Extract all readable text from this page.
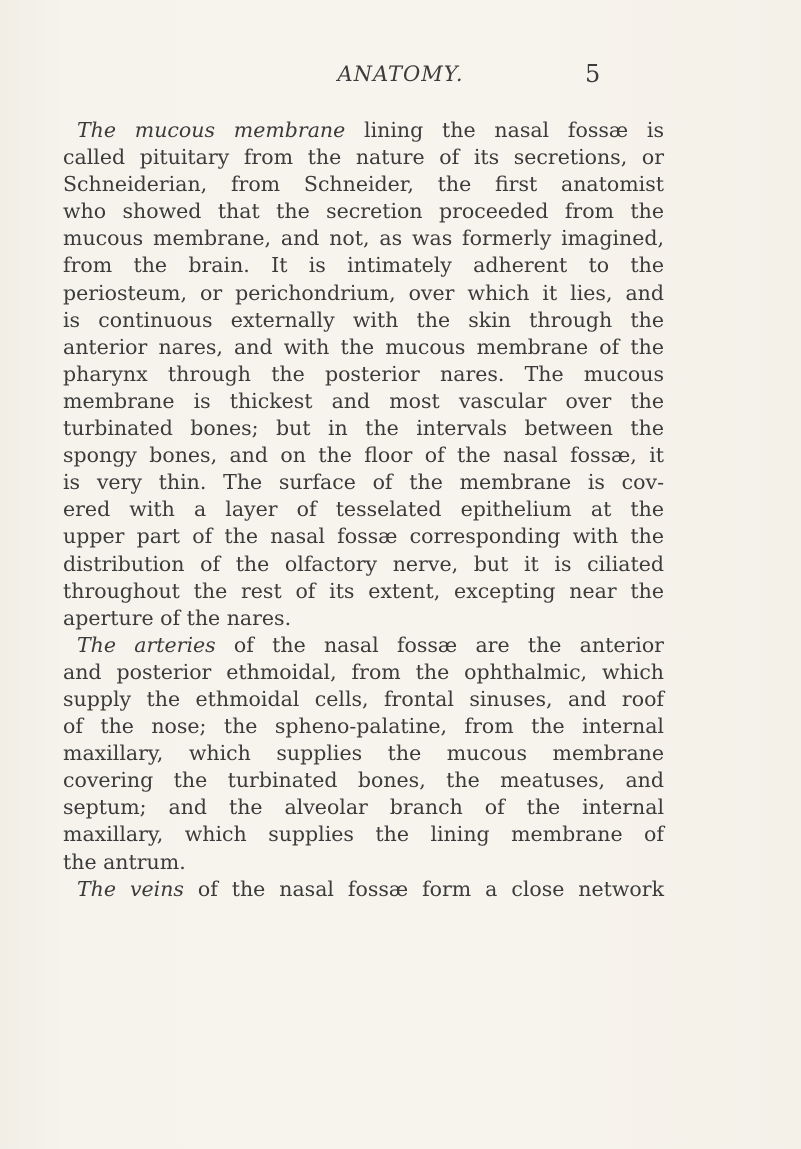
ANATOMY.	5
The mucous membrane lining the nasal fossæ is
called pituitary from the nature of its secretions, or
Schneiderian, from Schneider, the first anatomist
who showed that the secretion proceeded from the
mucous membrane, and not, as was formerly imagined,
from the brain. It is intimately adherent to the
periosteum, or perichondrium, over which it lies, and
is continuous externally with the skin through the
anterior nares, and with the mucous membrane of the
pharynx through the posterior nares. The mucous
membrane is thickest and most vascular over the
turbinated bones; but in the intervals between the
spongy bones, and on the floor of the nasal fossæ, it
is very thin. The surface of the membrane is cov-
ered with a layer of tesselated epithelium at the
upper part of the nasal fossæ corresponding with the
distribution of the olfactory nerve, but it is ciliated
throughout the rest of its extent, excepting near the
aperture of the nares.
The arteries of the nasal fossæ are the anterior
and posterior ethmoidal, from the ophthalmic, which
supply the ethmoidal cells, frontal sinuses, and roof
of the nose; the spheno-palatine, from the internal
maxillary, which supplies the mucous membrane
covering the turbinated bones, the meatuses, and
septum; and the alveolar branch of the internal
maxillary, which supplies the lining membrane of
the antrum.
The veins of the nasal fossæ form a close network
